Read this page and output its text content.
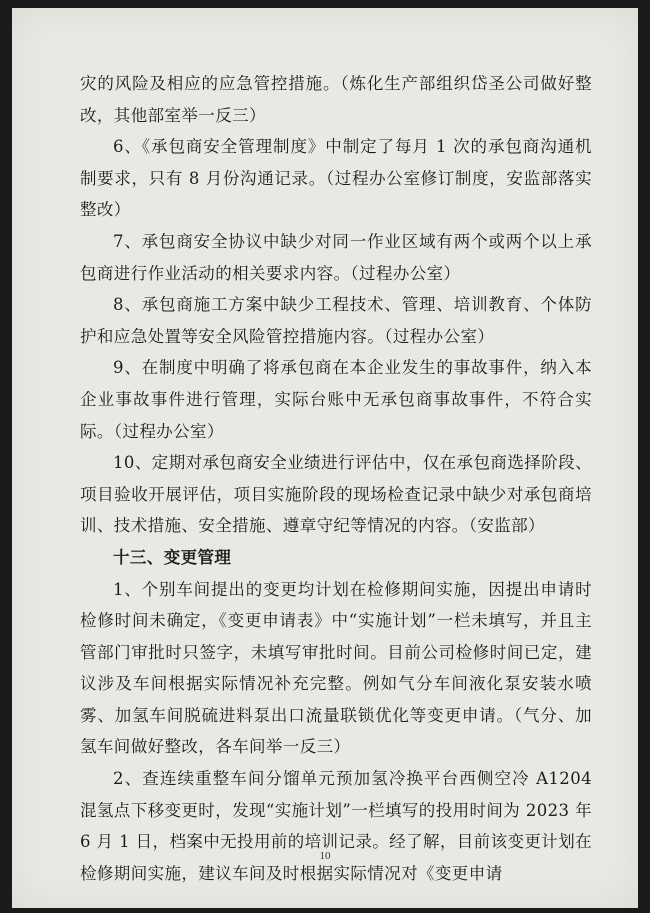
灾的风险及相应的应急管控措施。（炼化生产部组织岱圣公司做好整改，其他部室举一反三）

6、《承包商安全管理制度》中制定了每月 1 次的承包商沟通机制要求，只有 8 月份沟通记录。（过程办公室修订制度，安监部落实整改）

7、承包商安全协议中缺少对同一作业区域有两个或两个以上承包商进行作业活动的相关要求内容。（过程办公室）

8、承包商施工方案中缺少工程技术、管理、培训教育、个体防护和应急处置等安全风险管控措施内容。（过程办公室）

9、在制度中明确了将承包商在本企业发生的事故事件，纳入本企业事故事件进行管理，实际台账中无承包商事故事件，不符合实际。（过程办公室）

10、定期对承包商安全业绩进行评估中，仅在承包商选择阶段、项目验收开展评估，项目实施阶段的现场检查记录中缺少对承包商培训、技术措施、安全措施、遵章守纪等情况的内容。（安监部）

十三、变更管理

1、个别车间提出的变更均计划在检修期间实施，因提出申请时检修时间未确定，《变更申请表》中“实施计划”一栏未填写，并且主管部门审批时只签字，未填写审批时间。目前公司检修时间已定，建议涉及车间根据实际情况补充完整。例如气分车间液化泵安装水喷雾、加氢车间脱硫进料泵出口流量联锁优化等变更申请。（气分、加氢车间做好整改，各车间举一反三）

2、查连续重整车间分馏单元预加氢冷换平台西侧空冷 A1204 混氢点下移变更时，发现“实施计划”一栏填写的投用时间为 2023 年 6 月 1 日，档案中无投用前的培训记录。经了解，目前该变更计划在检修期间实施，建议车间及时根据实际情况对《变更申请

10
